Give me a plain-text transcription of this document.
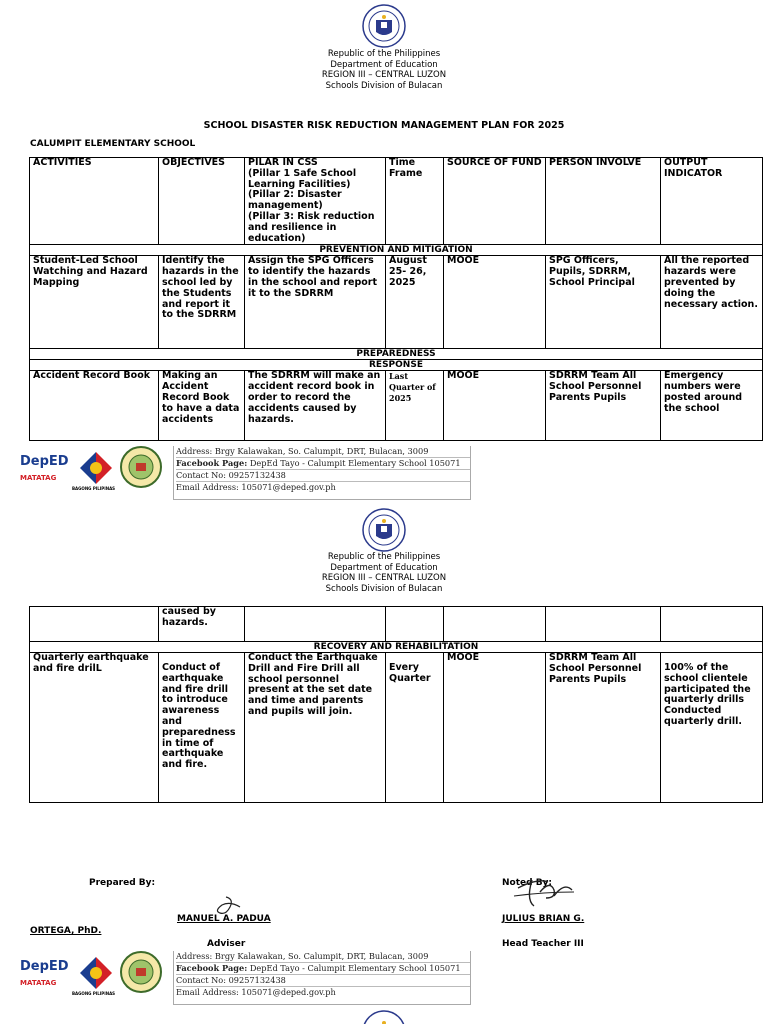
Republic of the Philippines
Department of Education
REGION III – CENTRAL LUZON
Schools Division of Bulacan
SCHOOL DISASTER RISK REDUCTION MANAGEMENT PLAN FOR 2025
CALUMPIT ELEMENTARY SCHOOL
ACTIVITIES	OBJECTIVES	PILAR IN CSS
(Pillar 1 Safe School Learning Facilities)
(Pillar 2: Disaster management)
(Pillar 3: Risk reduction and resilience in education)	Time Frame	SOURCE OF FUND	PERSON INVOLVE	OUTPUT INDICATOR
PREVENTION AND MITIGATION						
Student-Led School Watching and Hazard Mapping	Identify the hazards in the school led by the Students and report it to the SDRRM	Assign the SPG Officers to identify the hazards in the school and report it to the SDRRM	August 25- 26, 2025	MOOE	SPG Officers, Pupils, SDRRM, School Principal	All the reported hazards were prevented by doing the necessary action.
PREPAREDNESS						
RESPONSE						
Accident Record Book	Making an Accident Record Book to have a data accidents	The SDRRM will make an accident record book in order to record the accidents caused by hazards.	Last Quarter of 2025	MOOE	SDRRM Team All School Personnel Parents Pupils	Emergency numbers were posted around the school
DepED
MATATAG
BAGONG PILIPINAS
Address: Brgy Kalawakan, So. Calumpit, DRT, Bulacan, 3009
Facebook Page: DepEd Tayo - Calumpit Elementary School 105071
Contact No: 09257132438
Email Address: 105071@deped.gov.ph
Republic of the Philippines
Department of Education
REGION III – CENTRAL LUZON
Schools Division of Bulacan
	caused by hazards.					
RECOVERY AND REHABILITATION						
Quarterly earthquake and fire drilL	Conduct of earthquake and fire drill to introduce awareness and preparedness in time of earthquake and fire.	Conduct the Earthquake Drill and Fire Drill all school personnel present at the set date and time and parents and pupils will join.	Every Quarter	MOOE	SDRRM Team All School Personnel Parents Pupils	100% of the school clientele participated the quarterly drills Conducted quarterly drill.
Prepared By:	Noted By:
MANUEL A. PADUA	JULIUS BRIAN G.
ORTEGA, PhD.
Adviser	Head Teacher III
DepED
MATATAG
BAGONG PILIPINAS
Address: Brgy Kalawakan, So. Calumpit, DRT, Bulacan, 3009
Facebook Page: DepEd Tayo - Calumpit Elementary School 105071
Contact No: 09257132438
Email Address: 105071@deped.gov.ph
